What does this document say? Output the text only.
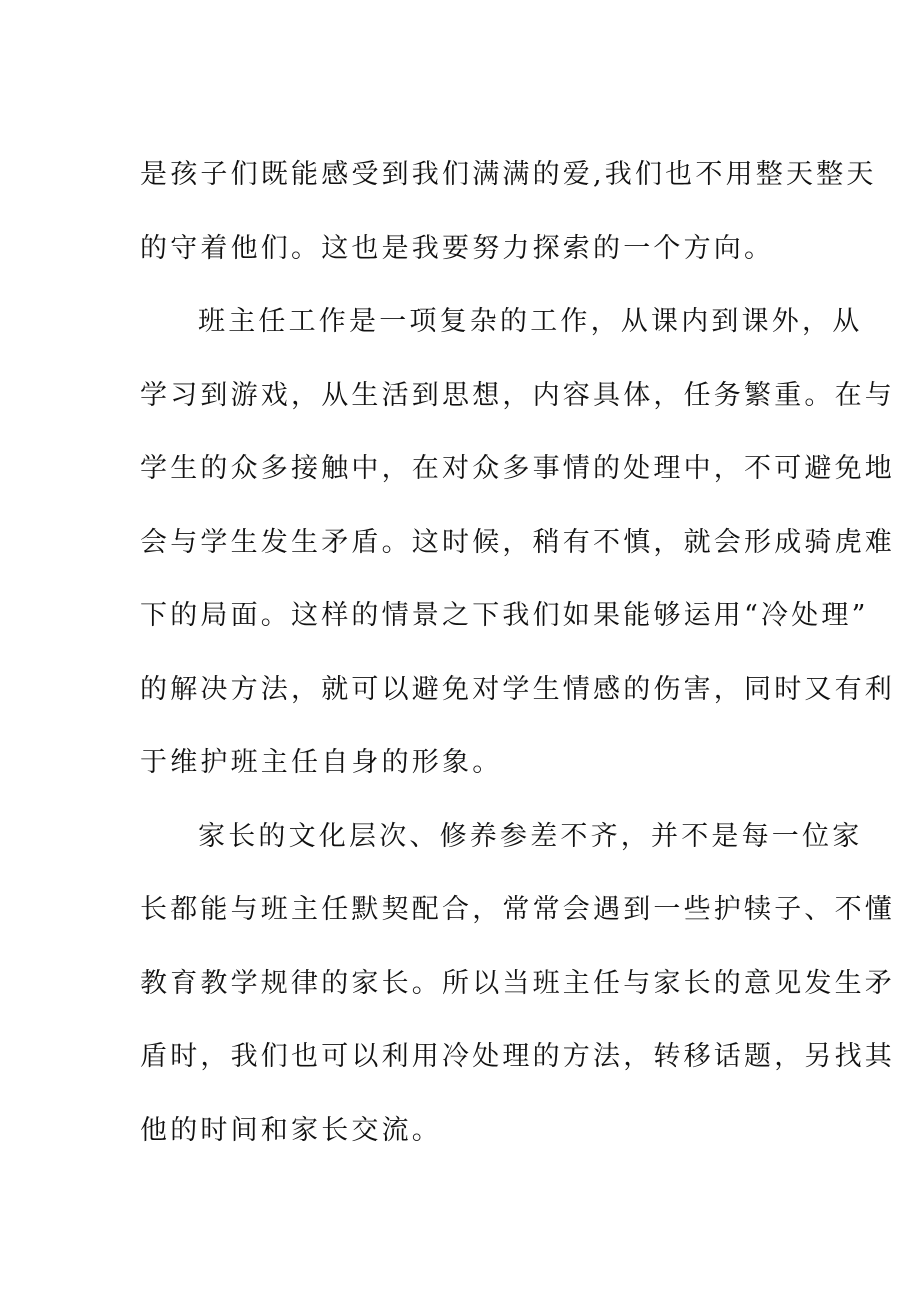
是孩子们既能感受到我们满满的爱,我们也不用整天整天
的守着他们。这也是我要努力探索的一个方向。
班主任工作是一项复杂的工作，从课内到课外，从
学习到游戏，从生活到思想，内容具体，任务繁重。在与
学生的众多接触中，在对众多事情的处理中，不可避免地
会与学生发生矛盾。这时候，稍有不慎，就会形成骑虎难
下的局面。这样的情景之下我们如果能够运用“冷处理”
的解决方法，就可以避免对学生情感的伤害，同时又有利
于维护班主任自身的形象。
家长的文化层次、修养参差不齐，并不是每一位家
长都能与班主任默契配合，常常会遇到一些护犊子、不懂
教育教学规律的家长。所以当班主任与家长的意见发生矛
盾时，我们也可以利用冷处理的方法，转移话题，另找其
他的时间和家长交流。
